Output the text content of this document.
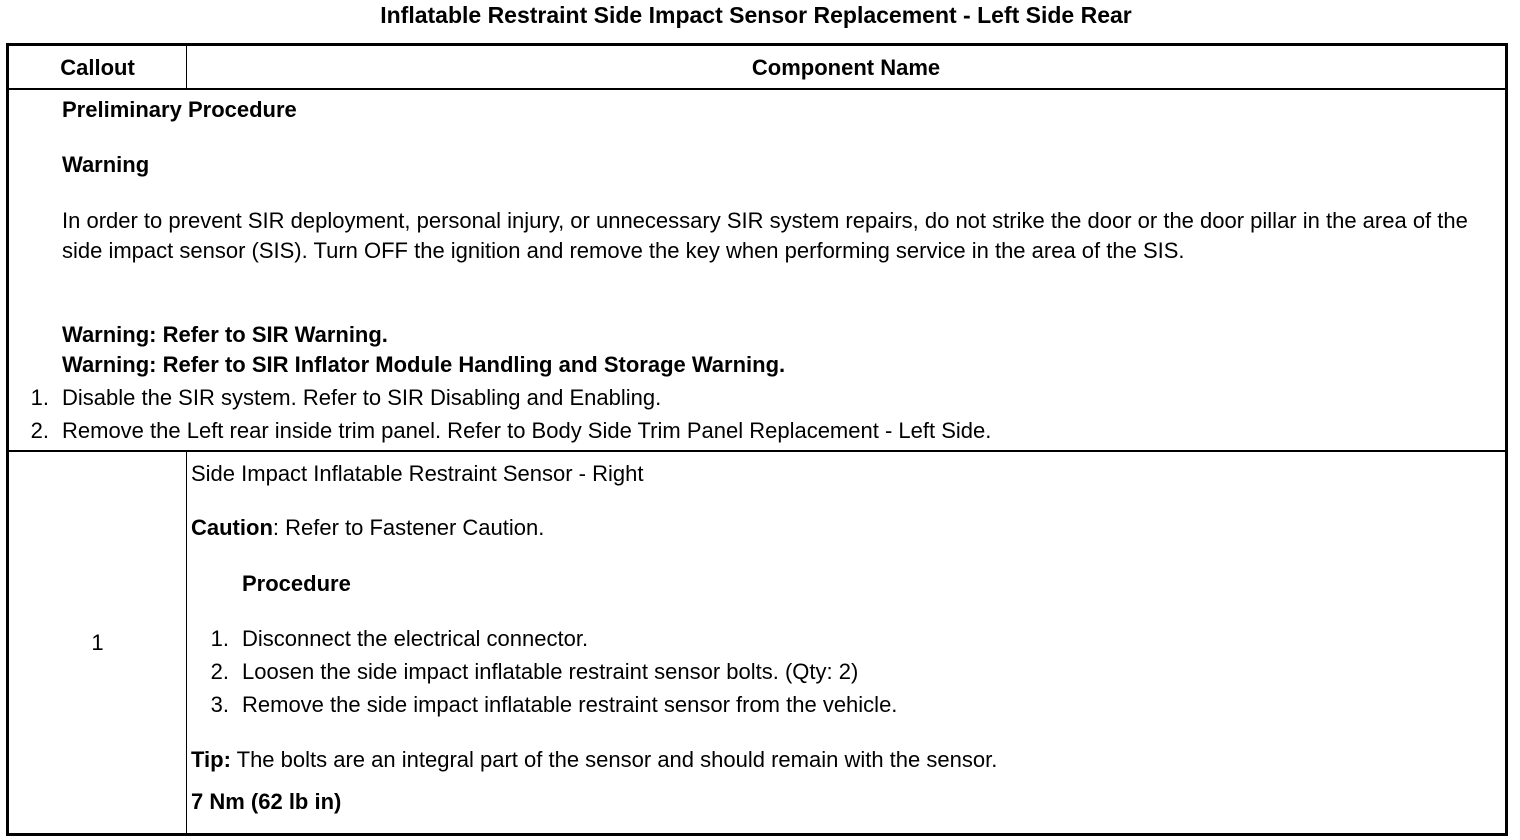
Inflatable Restraint Side Impact Sensor Replacement - Left Side Rear
Callout	Component Name
Preliminary Procedure
Warning
In order to prevent SIR deployment, personal injury, or unnecessary SIR system repairs, do not strike the door or the door pillar in the area of the side impact sensor (SIS). Turn OFF the ignition and remove the key when performing service in the area of the SIS.
Warning: Refer to SIR Warning.
Warning: Refer to SIR Inflator Module Handling and Storage Warning.
1. Disable the SIR system. Refer to SIR Disabling and Enabling.
2. Remove the Left rear inside trim panel. Refer to Body Side Trim Panel Replacement - Left Side.
1
Side Impact Inflatable Restraint Sensor - Right
Caution: Refer to Fastener Caution.
Procedure
1. Disconnect the electrical connector.
2. Loosen the side impact inflatable restraint sensor bolts. (Qty: 2)
3. Remove the side impact inflatable restraint sensor from the vehicle.
Tip: The bolts are an integral part of the sensor and should remain with the sensor.
7 Nm (62 lb in)
